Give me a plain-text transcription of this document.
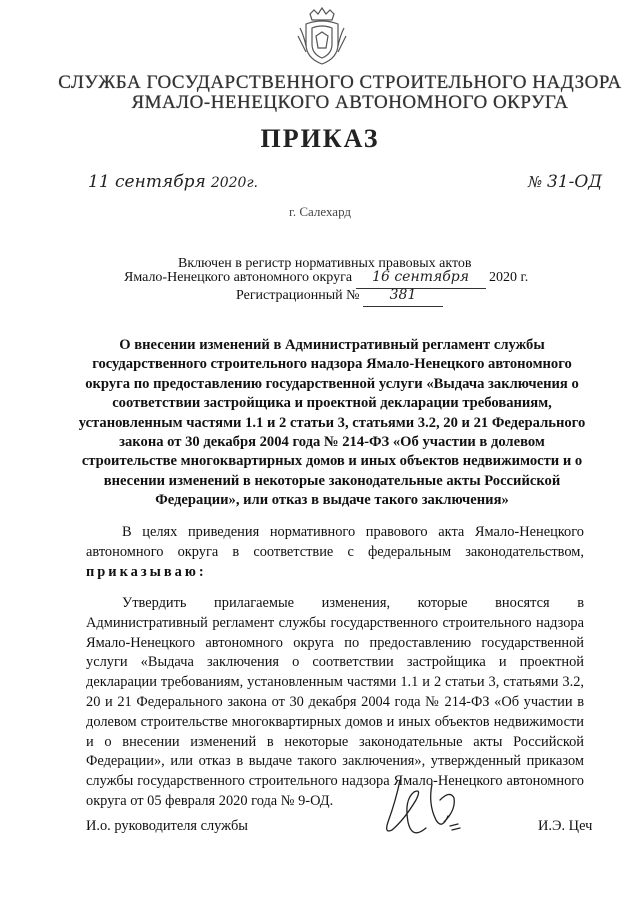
СЛУЖБА ГОСУДАРСТВЕННОГО СТРОИТЕЛЬНОГО НАДЗОРА
ЯМАЛО-НЕНЕЦКОГО АВТОНОМНОГО ОКРУГА
ПРИКАЗ
11 сентября 2020г.	№ 31-ОД
г. Салехард
Включен в регистр нормативных правовых актов
Ямало-Ненецкого автономного округа 16 сентября 2020 г.
Регистрационный № 381
О внесении изменений в Административный регламент службы государственного строительного надзора Ямало-Ненецкого автономного округа по предоставлению государственной услуги «Выдача заключения о соответствии застройщика и проектной декларации требованиям, установленным частями 1.1 и 2 статьи 3, статьями 3.2, 20 и 21 Федерального закона от 30 декабря 2004 года № 214-ФЗ «Об участии в долевом строительстве многоквартирных домов и иных объектов недвижимости и о внесении изменений в некоторые законодательные акты Российской Федерации», или отказ в выдаче такого заключения»
В целях приведения нормативного правового акта Ямало-Ненецкого автономного округа в соответствие с федеральным законодательством, приказываю:
Утвердить прилагаемые изменения, которые вносятся в Административный регламент службы государственного строительного надзора Ямало-Ненецкого автономного округа по предоставлению государственной услуги «Выдача заключения о соответствии застройщика и проектной декларации требованиям, установленным частями 1.1 и 2 статьи 3, статьями 3.2, 20 и 21 Федерального закона от 30 декабря 2004 года № 214-ФЗ «Об участии в долевом строительстве многоквартирных домов и иных объектов недвижимости и о внесении изменений в некоторые законодательные акты Российской Федерации», или отказ в выдаче такого заключения», утвержденный приказом службы государственного строительного надзора Ямало-Ненецкого автономного округа от 05 февраля 2020 года № 9-ОД.
И.о. руководителя службы	И.Э. Цеч
